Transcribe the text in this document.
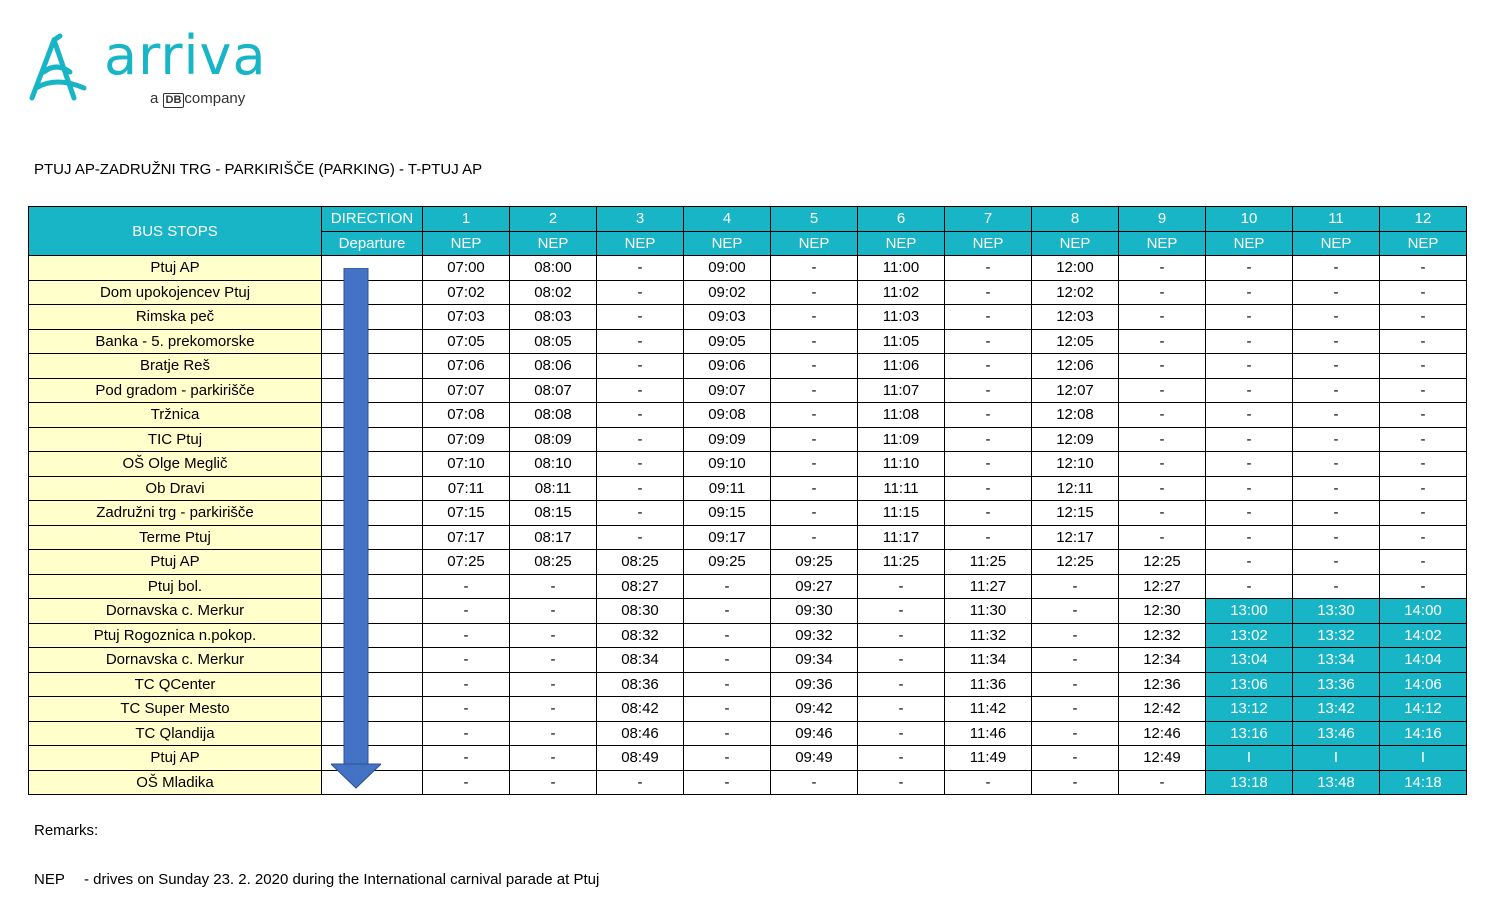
arriva
a DB company
PTUJ AP-ZADRUŽNI TRG - PARKIRIŠČE (PARKING) - T-PTUJ AP
BUS STOPS	DIRECTION	1	2	3	4	5	6	7	8	9	10	11	12
	Departure	NEP	NEP	NEP	NEP	NEP	NEP	NEP	NEP	NEP	NEP	NEP	NEP
Ptuj AP		07:00	08:00	-	09:00	-	11:00	-	12:00	-	-	-	-
Dom upokojencev Ptuj		07:02	08:02	-	09:02	-	11:02	-	12:02	-	-	-	-
Rimska peč		07:03	08:03	-	09:03	-	11:03	-	12:03	-	-	-	-
Banka - 5. prekomorske		07:05	08:05	-	09:05	-	11:05	-	12:05	-	-	-	-
Bratje Reš		07:06	08:06	-	09:06	-	11:06	-	12:06	-	-	-	-
Pod gradom - parkirišče		07:07	08:07	-	09:07	-	11:07	-	12:07	-	-	-	-
Tržnica		07:08	08:08	-	09:08	-	11:08	-	12:08	-	-	-	-
TIC Ptuj		07:09	08:09	-	09:09	-	11:09	-	12:09	-	-	-	-
OŠ Olge Meglič		07:10	08:10	-	09:10	-	11:10	-	12:10	-	-	-	-
Ob Dravi		07:11	08:11	-	09:11	-	11:11	-	12:11	-	-	-	-
Zadružni trg - parkirišče		07:15	08:15	-	09:15	-	11:15	-	12:15	-	-	-	-
Terme Ptuj		07:17	08:17	-	09:17	-	11:17	-	12:17	-	-	-	-
Ptuj AP		07:25	08:25	08:25	09:25	09:25	11:25	11:25	12:25	12:25	-	-	-
Ptuj bol.		-	-	08:27	-	09:27	-	11:27	-	12:27	-	-	-
Dornavska c. Merkur		-	-	08:30	-	09:30	-	11:30	-	12:30	13:00	13:30	14:00
Ptuj Rogoznica n.pokop.		-	-	08:32	-	09:32	-	11:32	-	12:32	13:02	13:32	14:02
Dornavska c. Merkur		-	-	08:34	-	09:34	-	11:34	-	12:34	13:04	13:34	14:04
TC QCenter		-	-	08:36	-	09:36	-	11:36	-	12:36	13:06	13:36	14:06
TC Super Mesto		-	-	08:42	-	09:42	-	11:42	-	12:42	13:12	13:42	14:12
TC Qlandija		-	-	08:46	-	09:46	-	11:46	-	12:46	13:16	13:46	14:16
Ptuj AP		-	-	08:49	-	09:49	-	11:49	-	12:49	I	I	I
OŠ Mladika		-	-	-	-	-	-	-	-	-	13:18	13:48	14:18
Remarks:
NEP - drives on Sunday 23. 2. 2020 during the International carnival parade at Ptuj
